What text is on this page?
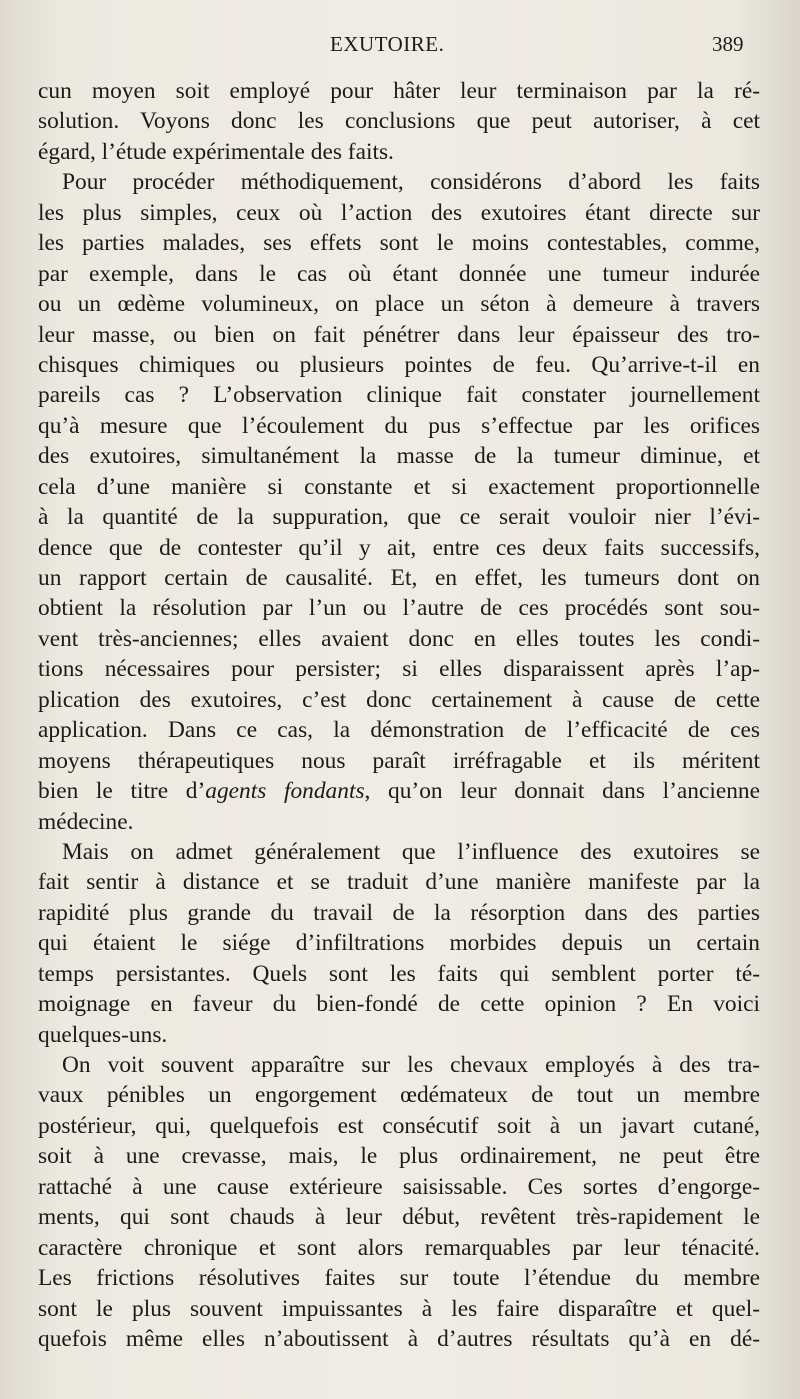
EXUTOIRE.	389
cun moyen soit employé pour hâter leur terminaison par la ré-
solution. Voyons donc les conclusions que peut autoriser, à cet
égard, l’étude expérimentale des faits.
Pour procéder méthodiquement, considérons d’abord les faits
les plus simples, ceux où l’action des exutoires étant directe sur
les parties malades, ses effets sont le moins contestables, comme,
par exemple, dans le cas où étant donnée une tumeur indurée
ou un œdème volumineux, on place un séton à demeure à travers
leur masse, ou bien on fait pénétrer dans leur épaisseur des tro-
chisques chimiques ou plusieurs pointes de feu. Qu’arrive-t-il en
pareils cas ? L’observation clinique fait constater journellement
qu’à mesure que l’écoulement du pus s’effectue par les orifices
des exutoires, simultanément la masse de la tumeur diminue, et
cela d’une manière si constante et si exactement proportionnelle
à la quantité de la suppuration, que ce serait vouloir nier l’évi-
dence que de contester qu’il y ait, entre ces deux faits successifs,
un rapport certain de causalité. Et, en effet, les tumeurs dont on
obtient la résolution par l’un ou l’autre de ces procédés sont sou-
vent très-anciennes; elles avaient donc en elles toutes les condi-
tions nécessaires pour persister; si elles disparaissent après l’ap-
plication des exutoires, c’est donc certainement à cause de cette
application. Dans ce cas, la démonstration de l’efficacité de ces
moyens thérapeutiques nous paraît irréfragable et ils méritent
bien le titre d’agents fondants, qu’on leur donnait dans l’ancienne
médecine.
Mais on admet généralement que l’influence des exutoires se
fait sentir à distance et se traduit d’une manière manifeste par la
rapidité plus grande du travail de la résorption dans des parties
qui étaient le siége d’infiltrations morbides depuis un certain
temps persistantes. Quels sont les faits qui semblent porter té-
moignage en faveur du bien-fondé de cette opinion ? En voici
quelques-uns.
On voit souvent apparaître sur les chevaux employés à des tra-
vaux pénibles un engorgement œdémateux de tout un membre
postérieur, qui, quelquefois est consécutif soit à un javart cutané,
soit à une crevasse, mais, le plus ordinairement, ne peut être
rattaché à une cause extérieure saisissable. Ces sortes d’engorge-
ments, qui sont chauds à leur début, revêtent très-rapidement le
caractère chronique et sont alors remarquables par leur ténacité.
Les frictions résolutives faites sur toute l’étendue du membre
sont le plus souvent impuissantes à les faire disparaître et quel-
quefois même elles n’aboutissent à d’autres résultats qu’à en dé-
